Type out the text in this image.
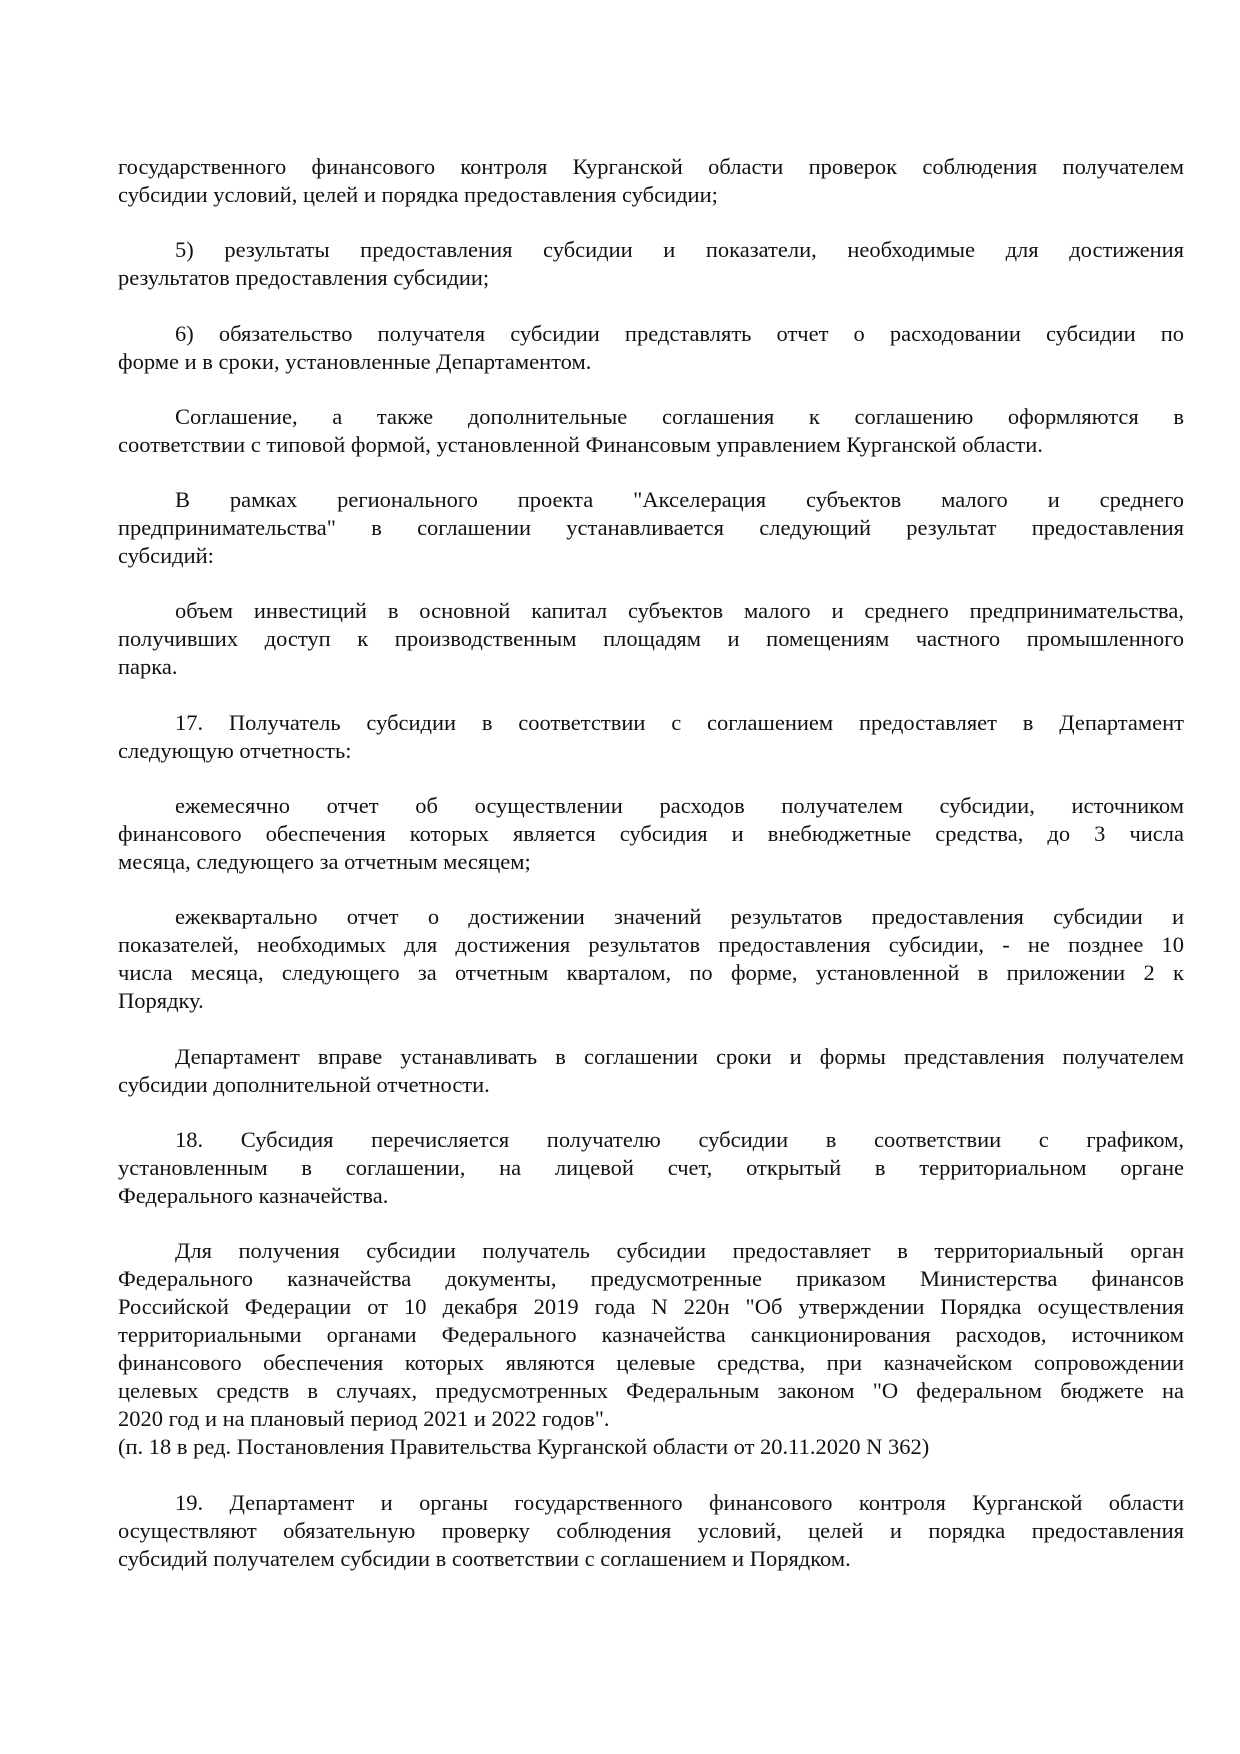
государственного финансового контроля Курганской области проверок соблюдения получателем
субсидии условий, целей и порядка предоставления субсидии;
5) результаты предоставления субсидии и показатели, необходимые для достижения
результатов предоставления субсидии;
6) обязательство получателя субсидии представлять отчет о расходовании субсидии по
форме и в сроки, установленные Департаментом.
Соглашение, а также дополнительные соглашения к соглашению оформляются в
соответствии с типовой формой, установленной Финансовым управлением Курганской области.
В рамках регионального проекта "Акселерация субъектов малого и среднего
предпринимательства" в соглашении устанавливается следующий результат предоставления
субсидий:
объем инвестиций в основной капитал субъектов малого и среднего предпринимательства,
получивших доступ к производственным площадям и помещениям частного промышленного
парка.
17. Получатель субсидии в соответствии с соглашением предоставляет в Департамент
следующую отчетность:
ежемесячно отчет об осуществлении расходов получателем субсидии, источником
финансового обеспечения которых является субсидия и внебюджетные средства, до 3 числа
месяца, следующего за отчетным месяцем;
ежеквартально отчет о достижении значений результатов предоставления субсидии и
показателей, необходимых для достижения результатов предоставления субсидии, - не позднее 10
числа месяца, следующего за отчетным кварталом, по форме, установленной в приложении 2 к
Порядку.
Департамент вправе устанавливать в соглашении сроки и формы представления получателем
субсидии дополнительной отчетности.
18. Субсидия перечисляется получателю субсидии в соответствии с графиком,
установленным в соглашении, на лицевой счет, открытый в территориальном органе
Федерального казначейства.
Для получения субсидии получатель субсидии предоставляет в территориальный орган
Федерального казначейства документы, предусмотренные приказом Министерства финансов
Российской Федерации от 10 декабря 2019 года N 220н "Об утверждении Порядка осуществления
территориальными органами Федерального казначейства санкционирования расходов, источником
финансового обеспечения которых являются целевые средства, при казначейском сопровождении
целевых средств в случаях, предусмотренных Федеральным законом "О федеральном бюджете на
2020 год и на плановый период 2021 и 2022 годов".
(п. 18 в ред. Постановления Правительства Курганской области от 20.11.2020 N 362)
19. Департамент и органы государственного финансового контроля Курганской области
осуществляют обязательную проверку соблюдения условий, целей и порядка предоставления
субсидий получателем субсидии в соответствии с соглашением и Порядком.
